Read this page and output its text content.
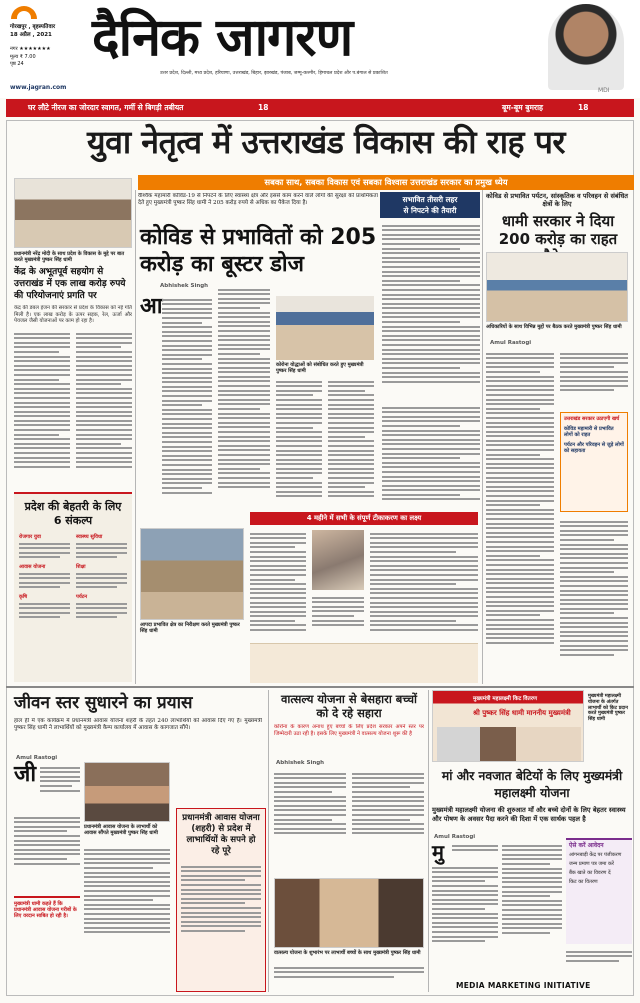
गोरखपुर , बृहस्पतिवार
18 अप्रैल , 2021
नगर ★★★★★★★
मूल्य ₹ 7.00
पृष्ठ 24 दैनिक जागरण
उत्तर प्रदेश, दिल्ली, मध्य प्रदेश, हरियाणा, उत्तराखंड, बिहार, झारखंड, पंजाब, जम्मू-कश्मीर, हिमाचल प्रदेश और प.बंगाल से प्रकाशित
www.jagran.com	MDI
घर लौटे नीरज का जोरदार स्वागत, गर्मी से बिगड़ी तबीयत	18	बूम-बूम बुमराह	18
युवा नेतृत्व में उत्तराखंड विकास की राह पर
सबका साथ, सबका विकास एवं सबका विश्वास उत्तराखंड सरकार का प्रमुख ध्येय
प्रधानमंत्री नरेंद्र मोदी के साथ प्रदेश के विकास के मुद्दे पर बात करते मुख्यमंत्री पुष्कर सिंह धामी
केंद्र के अभूतपूर्व सहयोग से उत्तराखंड में एक लाख करोड़ रुपये की परियोजनाएं प्रगति पर
केंद्र की डबल इंजन की सरकार से प्रदेश के विकास को नई गति मिली है। एक लाख करोड़ के ऊपर सड़क, रेल, ऊर्जा और पेयजल जैसी योजनाओं पर काम हो रहा है।
प्रदेश की बेहतरी के लिए 6 संकल्प
रोजगार युवा	स्वास्थ्य सुविधा
आवास योजना	शिक्षा
कृषि	पर्यटन
वैश्विक महामारी कोविड-19 से निपटने के लिए स्वास्थ्य क्षेत्र और इससे काम करने वाले लोगों की सुरक्षा को प्राथमिकता देते हुए मुख्यमंत्री पुष्कर सिंह धामी ने 205 करोड़ रुपये से अधिक का पैकेज दिया है।
कोविड से प्रभावितों को 205 करोड़ का बूस्टर डोज
Abhishek Singh
आ
कोरोना योद्धाओं को संबोधित करते हुए मुख्यमंत्री पुष्कर सिंह धामी
सभावित तीसरी लहर
से निपटने की तैयारी
4 महीने में सभी के संपूर्ण टीकाकरण का लक्ष्य
आपदा प्रभावित क्षेत्र का निरीक्षण करते मुख्यमंत्री पुष्कर सिंह धामी
कोविड से प्रभावित पर्यटन, सांस्कृतिक व परिवहन से संबंधित क्षेत्रों के लिए
धामी सरकार ने दिया 200 करोड़ का राहत
अधिकारियों के साथ विभिन्न मुद्दों पर बैठक करते मुख्यमंत्री पुष्कर सिंह धामी
Amul Rastogi
उत्तराखंड सरकार उठाएगी खर्च
कोविड महामारी से प्रभावित लोगों को राहत
पर्यटन और परिवहन से जुड़े लोगों को सहायता
जीवन स्तर सुधारने का प्रयास
हाल ही में एक कार्यक्रम में प्रधानमंत्री आवास योजना शहरी के तहत 240 लाभार्थियों को आवास दिए गए हैं। मुख्यमंत्री पुष्कर सिंह धामी ने लाभार्थियों को मुख्यमंत्री कैम्प कार्यालय में आवास के कागजात सौंपे।
Amul Rastogi
जी
प्रधानमंत्री आवास योजना के लाभार्थी को आवास सौंपते मुख्यमंत्री पुष्कर सिंह धामी
मुख्यमंत्री धामी कहते हैं कि प्रधानमंत्री आवास योजना गरीबों के लिए वरदान साबित हो रही है।
प्रधानमंत्री आवास योजना (शहरी) से प्रदेश में लाभार्थियों के सपने हो रहे पूरे
वात्सल्य योजना से बेसहारा बच्चों को दे रहे सहारा
कोरोना के कारण अनाथ हुए बच्चों के लिए प्रदेश सरकार अपने स्तर पर जिम्मेदारी उठा रही है। इसके लिए मुख्यमंत्री ने वात्सल्य योजना शुरू की है
Abhishek Singh
वात्सल्य योजना के शुभारंभ पर लाभार्थी बच्चों के साथ मुख्यमंत्री पुष्कर सिंह धामी
मुख्यमंत्री महालक्ष्मी किट वितरण
श्री पुष्कर सिंह धामी माननीय मुख्यमंत्री
मुख्यमंत्री महालक्ष्मी योजना के अंतर्गत लाभार्थी को किट प्रदान करते मुख्यमंत्री पुष्कर सिंह धामी
मां और नवजात बेटियों के लिए मुख्यमंत्री महालक्ष्मी योजना
मुख्यमंत्री महालक्ष्मी योजना की शुरुआत माँ और बच्चे दोनों के लिए बेहतर स्वास्थ्य और पोषण के अवसर पैदा करने की दिशा में एक सार्थक पहल है
Amul Rastogi
मु	ऐसे करें आवेदन
आंगनबाड़ी केंद्र पर पंजीकरण
जन्म प्रमाण पत्र जमा करें
बैंक खाते का विवरण दें
किट का वितरण
MEDIA MARKETING INITIATIVE
